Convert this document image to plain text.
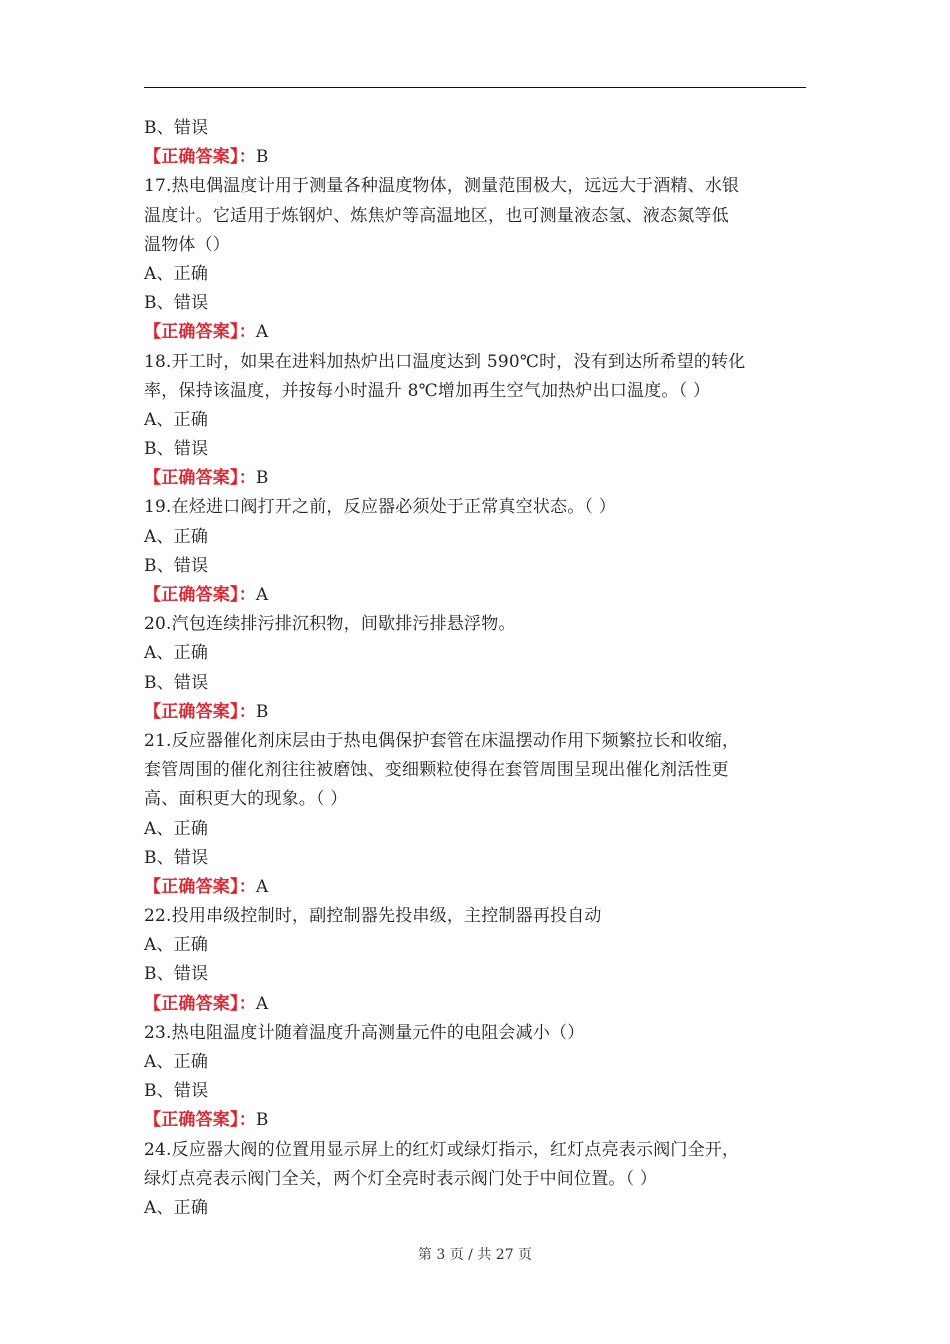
B、错误
【正确答案】：B
17.热电偶温度计用于测量各种温度物体，测量范围极大，远远大于酒精、水银
温度计。它适用于炼钢炉、炼焦炉等高温地区，也可测量液态氢、液态氮等低
温物体（）
A、正确
B、错误
【正确答案】：A
18.开工时，如果在进料加热炉出口温度达到 590℃时，没有到达所希望的转化
率，保持该温度，并按每小时温升 8℃增加再生空气加热炉出口温度。（ ）
A、正确
B、错误
【正确答案】：B
19.在烃进口阀打开之前，反应器必须处于正常真空状态。（ ）
A、正确
B、错误
【正确答案】：A
20.汽包连续排污排沉积物，间歇排污排悬浮物。
A、正确
B、错误
【正确答案】：B
21.反应器催化剂床层由于热电偶保护套管在床温摆动作用下频繁拉长和收缩，
套管周围的催化剂往往被磨蚀、变细颗粒使得在套管周围呈现出催化剂活性更
高、面积更大的现象。（ ）
A、正确
B、错误
【正确答案】：A
22.投用串级控制时，副控制器先投串级，主控制器再投自动
A、正确
B、错误
【正确答案】：A
23.热电阻温度计随着温度升高测量元件的电阻会减小（）
A、正确
B、错误
【正确答案】：B
24.反应器大阀的位置用显示屏上的红灯或绿灯指示，红灯点亮表示阀门全开，
绿灯点亮表示阀门全关，两个灯全亮时表示阀门处于中间位置。（ ）
A、正确
第 3 页 / 共 27 页
